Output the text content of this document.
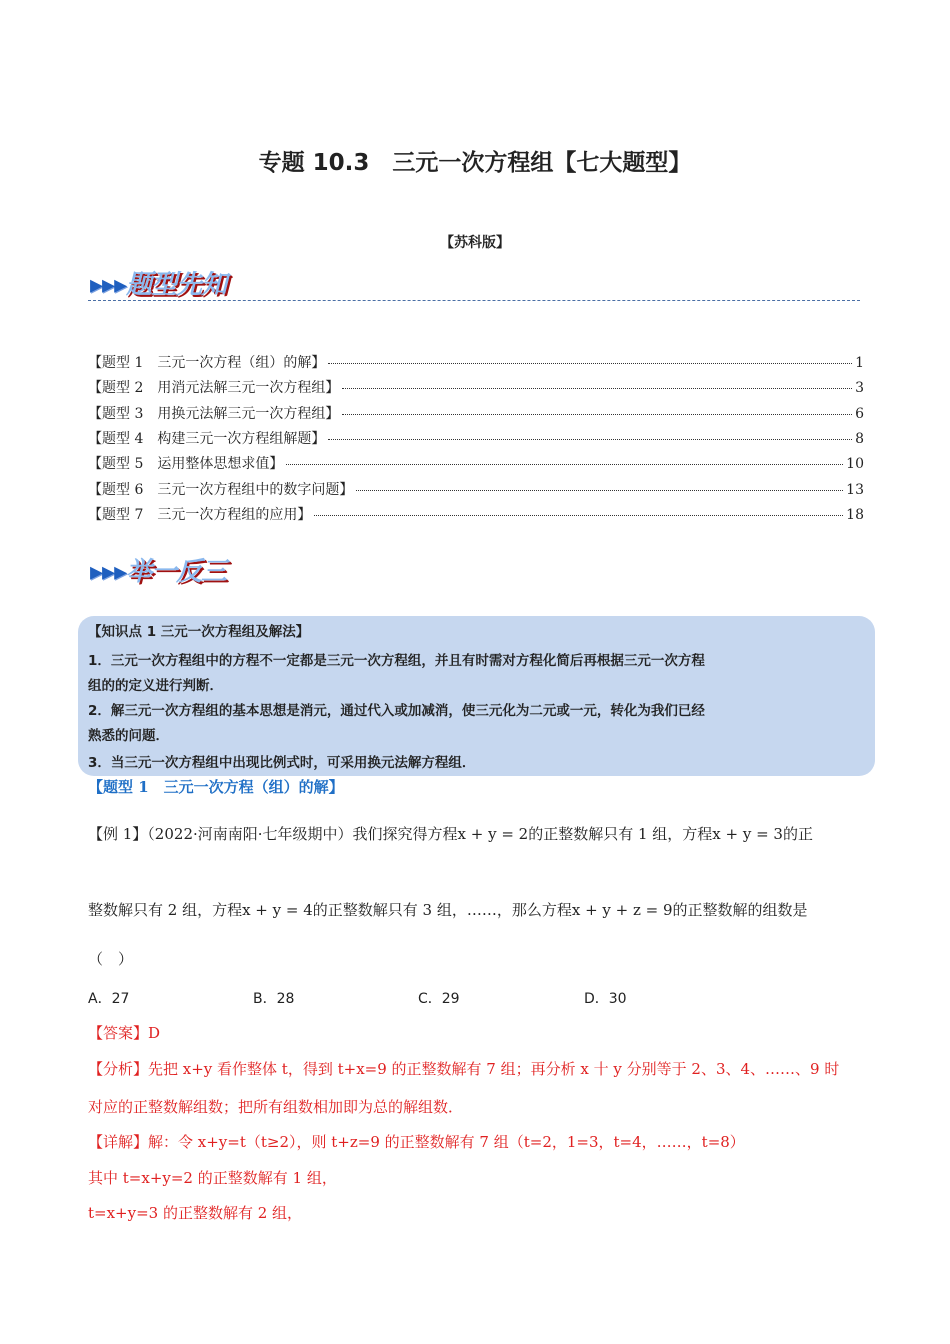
专题 10.3　三元一次方程组【七大题型】
【苏科版】
▸▸▸题型先知
【题型 1　三元一次方程（组）的解】	1
【题型 2　用消元法解三元一次方程组】	3
【题型 3　用换元法解三元一次方程组】	6
【题型 4　构建三元一次方程组解题】	8
【题型 5　运用整体思想求值】	10
【题型 6　三元一次方程组中的数字问题】	13
【题型 7　三元一次方程组的应用】	18
▸▸▸举一反三
【知识点 1 三元一次方程组及解法】
1．三元一次方程组中的方程不一定都是三元一次方程组，并且有时需对方程化简后再根据三元一次方程
组的的定义进行判断．
2．解三元一次方程组的基本思想是消元，通过代入或加减消，使三元化为二元或一元，转化为我们已经
熟悉的问题．
3．当三元一次方程组中出现比例式时，可采用换元法解方程组．
【题型 1　三元一次方程（组）的解】
【例 1】（2022·河南南阳·七年级期中）我们探究得方程x + y = 2的正整数解只有 1 组，方程x + y = 3的正
整数解只有 2 组，方程x + y = 4的正整数解只有 3 组，……，那么方程x + y + z = 9的正整数解的组数是
（　）
A．27	B．28	C．29	D．30
【答案】D
【分析】先把 x+y 看作整体 t，得到 t+x=9 的正整数解有 7 组；再分析 x 十 y 分别等于 2、3、4、……、9 时
对应的正整数解组数；把所有组数相加即为总的解组数．
【详解】解：令 x+y=t（t≥2），则 t+z=9 的正整数解有 7 组（t=2，1=3，t=4，……，t=8）
其中 t=x+y=2 的正整数解有 1 组，
t=x+y=3 的正整数解有 2 组，
